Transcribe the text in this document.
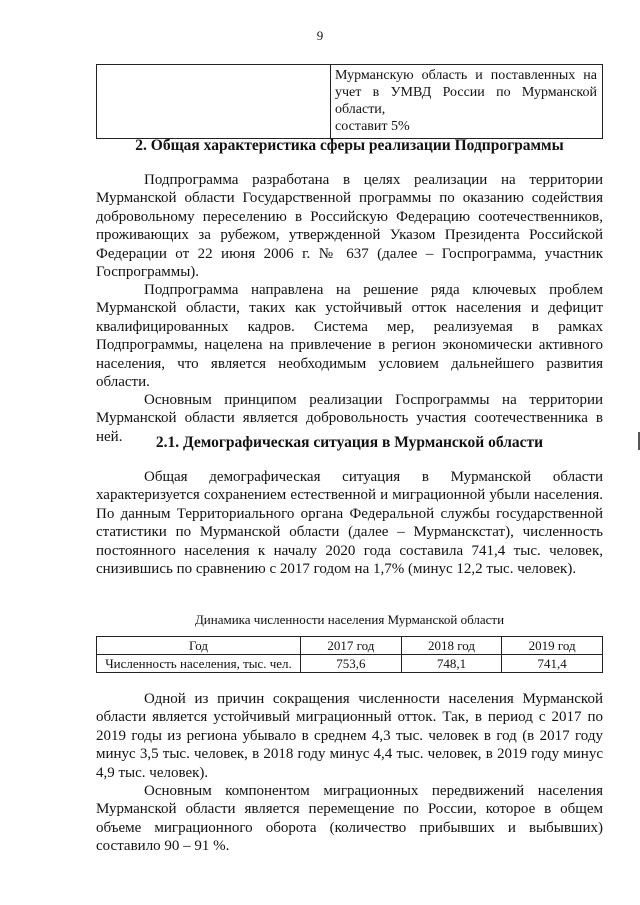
9
	Мурманскую область и поставленных на учет в УМВД России по Мурманской области,
составит 5%
2. Общая характеристика сферы реализации Подпрограммы

Подпрограмма разработана в целях реализации на территории Мурманской области Государственной программы по оказанию содействия добровольному переселению в Российскую Федерацию соотечественников, проживающих за рубежом, утвержденной Указом Президента Российской Федерации от 22 июня 2006 г. № 637 (далее – Госпрограмма, участник Госпрограммы).

Подпрограмма направлена на решение ряда ключевых проблем Мурманской области, таких как устойчивый отток населения и дефицит квалифицированных кадров. Система мер, реализуемая в рамках Подпрограммы, нацелена на привлечение в регион экономически активного населения, что является необходимым условием дальнейшего развития области.

Основным принципом реализации Госпрограммы на территории Мурманской области является добровольность участия соотечественника в ней.	2.1. Демографическая ситуация в Мурманской области

Общая демографическая ситуация в Мурманской области характеризуется сохранением естественной и миграционной убыли населения. По данным Территориального органа Федеральной службы государственной статистики по Мурманской области (далее – Мурманскстат), численность постоянного населения к началу 2020 года составила 741,4 тыс. человек, снизившись по сравнению с 2017 годом на 1,7% (минус 12,2 тыс. человек).

Динамика численности населения Мурманской области
Год	2017 год	2018 год	2019 год
Численность населения, тыс. чел.	753,6	748,1	741,4

Одной из причин сокращения численности населения Мурманской области является устойчивый миграционный отток. Так, в период с 2017 по 2019 годы из региона убывало в среднем 4,3 тыс. человек в год (в 2017 году минус 3,5 тыс. человек, в 2018 году минус 4,4 тыс. человек, в 2019 году минус 4,9 тыс. человек).

Основным компонентом миграционных передвижений населения Мурманской области является перемещение по России, которое в общем объеме миграционного оборота (количество прибывших и выбывших) составило 90 – 91 %.
